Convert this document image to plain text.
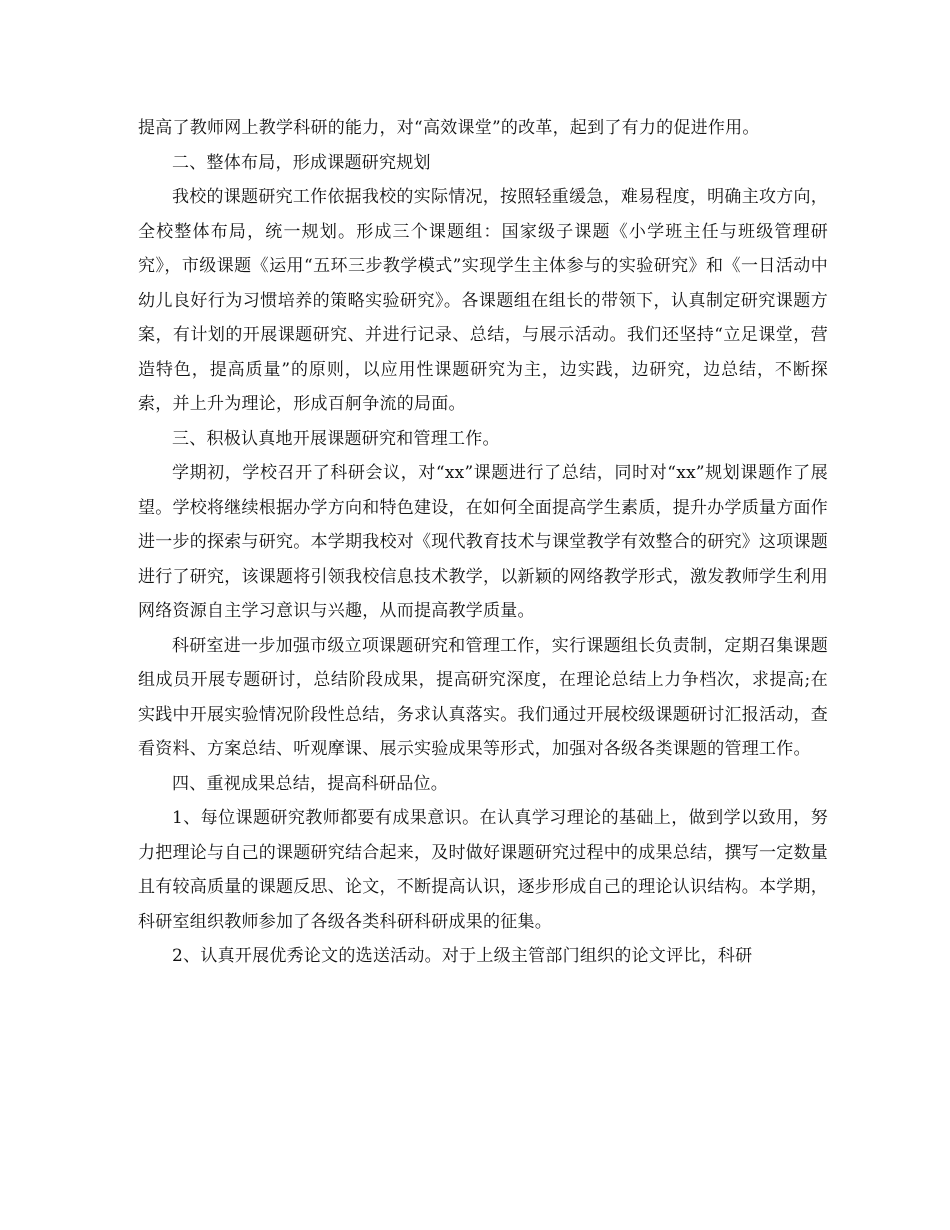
提高了教师网上教学科研的能力，对“高效课堂”的改革，起到了有力的促进作用。

二、整体布局，形成课题研究规划

我校的课题研究工作依据我校的实际情况，按照轻重缓急，难易程度，明确主攻方向，全校整体布局，统一规划。形成三个课题组：国家级子课题《小学班主任与班级管理研究》，市级课题《运用“五环三步教学模式”实现学生主体参与的实验研究》和《一日活动中幼儿良好行为习惯培养的策略实验研究》。各课题组在组长的带领下，认真制定研究课题方案，有计划的开展课题研究、并进行记录、总结，与展示活动。我们还坚持“立足课堂，营造特色，提高质量”的原则，以应用性课题研究为主，边实践，边研究，边总结，不断探索，并上升为理论，形成百舸争流的局面。

三、积极认真地开展课题研究和管理工作。

学期初，学校召开了科研会议，对“xx”课题进行了总结，同时对“xx”规划课题作了展望。学校将继续根据办学方向和特色建设，在如何全面提高学生素质，提升办学质量方面作进一步的探索与研究。本学期我校对《现代教育技术与课堂教学有效整合的研究》这项课题进行了研究，该课题将引领我校信息技术教学，以新颖的网络教学形式，激发教师学生利用网络资源自主学习意识与兴趣，从而提高教学质量。

科研室进一步加强市级立项课题研究和管理工作，实行课题组长负责制，定期召集课题组成员开展专题研讨，总结阶段成果，提高研究深度，在理论总结上力争档次，求提高;在实践中开展实验情况阶段性总结，务求认真落实。我们通过开展校级课题研讨汇报活动，查看资料、方案总结、听观摩课、展示实验成果等形式，加强对各级各类课题的管理工作。

四、重视成果总结，提高科研品位。

1、每位课题研究教师都要有成果意识。在认真学习理论的基础上，做到学以致用，努力把理论与自己的课题研究结合起来，及时做好课题研究过程中的成果总结，撰写一定数量且有较高质量的课题反思、论文，不断提高认识，逐步形成自己的理论认识结构。本学期，科研室组织教师参加了各级各类科研科研成果的征集。

2、认真开展优秀论文的选送活动。对于上级主管部门组织的论文评比，科研
